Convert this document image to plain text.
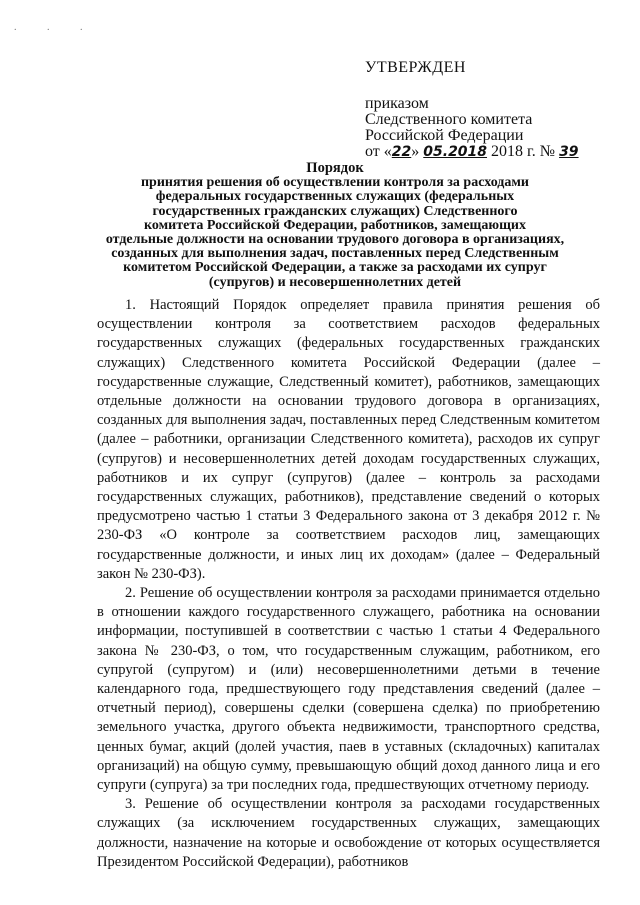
. . .
УТВЕРЖДЕН
приказом
Следственного комитета
Российской Федерации
от «22» 05.2018 2018 г. № 39
Порядок
принятия решения об осуществлении контроля за расходами
федеральных государственных служащих (федеральных
государственных гражданских служащих) Следственного
комитета Российской Федерации, работников, замещающих
отдельные должности на основании трудового договора в организациях,
созданных для выполнения задач, поставленных перед Следственным
комитетом Российской Федерации, а также за расходами их супруг
(супругов) и несовершеннолетних детей

1. Настоящий Порядок определяет правила принятия решения об осуществлении контроля за соответствием расходов федеральных государственных служащих (федеральных государственных гражданских служащих) Следственного комитета Российской Федерации (далее – государственные служащие, Следственный комитет), работников, замещающих отдельные должности на основании трудового договора в организациях, созданных для выполнения задач, поставленных перед Следственным комитетом (далее – работники, организации Следственного комитета), расходов их супруг (супругов) и несовершеннолетних детей доходам государственных служащих, работников и их супруг (супругов) (далее – контроль за расходами государственных служащих, работников), представление сведений о которых предусмотрено частью 1 статьи 3 Федерального закона от 3 декабря 2012 г. № 230-ФЗ «О контроле за соответствием расходов лиц, замещающих государственные должности, и иных лиц их доходам» (далее – Федеральный закон № 230-ФЗ).

2. Решение об осуществлении контроля за расходами принимается отдельно в отношении каждого государственного служащего, работника на основании информации, поступившей в соответствии с частью 1 статьи 4 Федерального закона № 230-ФЗ, о том, что государственным служащим, работником, его супругой (супругом) и (или) несовершеннолетними детьми в течение календарного года, предшествующего году представления сведений (далее – отчетный период), совершены сделки (совершена сделка) по приобретению земельного участка, другого объекта недвижимости, транспортного средства, ценных бумаг, акций (долей участия, паев в уставных (складочных) капиталах организаций) на общую сумму, превышающую общий доход данного лица и его супруги (супруга) за три последних года, предшествующих отчетному периоду.

3. Решение об осуществлении контроля за расходами государственных служащих (за исключением государственных служащих, замещающих должности, назначение на которые и освобождение от которых осуществляется Президентом Российской Федерации), работников
